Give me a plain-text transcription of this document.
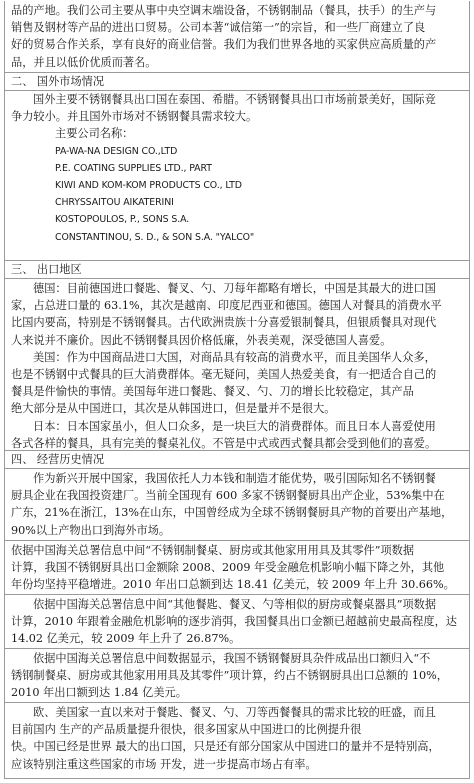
品的产地。我们公司主要从事中央空调末端设备，不锈钢制品（餐具，扶手）的生产与
销售及钢材等产品的进出口贸易。公司本著“诚信第一”的宗旨，和一些厂商建立了良
好的贸易合作关系，享有良好的商业信誉。我们为我们世界各地的买家供应高质量的产
品，并且以低价优质而著名。
二、 国外市场情况
国外主要不锈钢餐具出口国在泰国、希腊。不锈钢餐具出口市场前景美好，国际竞
争力较小。并且国外市场对不锈钢餐具需求较大。
主要公司名称：
PA-WA-NA DESIGN CO.,LTD
P.E. COATING SUPPLIES LTD., PART
KIWI AND KOM-KOM PRODUCTS CO., LTD
CHRYSSAITOU AIKATERINI
KOSTOPOULOS, P., SONS S.A.
CONSTANTINOU, S. D., & SON S.A. "YALCO"
三、 出口地区
德国：目前德国进口餐匙、餐叉、勺、刀每年都略有增长，中国是其最大的进口国
家，占总进口量的 63.1%，其次是越南、印度尼西亚和德国。德国人对餐具的消费水平
比国内要高，特别是不锈钢餐具。古代欧洲贵族十分喜爱银制餐具，但银质餐具对现代
人来说并不廉价。因此不锈钢餐具因价格低廉，外表美观，深受德国人喜爱。
美国：作为中国商品进口大国，对商品具有较高的消费水平，而且美国华人众多，
也是不锈钢中式餐具的巨大消费群体。毫无疑问，美国人热爱美食，有一把适合自己的
餐具是件愉快的事情。美国每年进口餐匙、餐叉、勺、刀的增长比较稳定，其产品
绝大部分是从中国进口，其次是从韩国进口，但是量并不是很大。
日本：日本国家虽小，但人口众多，是一块巨大的消费群体。而且日本人喜爱使用
各式各样的餐具，具有完美的餐桌礼仪。不管是中式或西式餐具都会受到他们的喜爱。
四、 经营历史情况
作为新兴开展中国家，我国依托人力本钱和制造才能优势，吸引国际知名不锈钢餐
厨具企业在我国投资建厂。当前全国现有 600 多家不锈钢餐厨具出产企业，53%集中在
广东，21%在浙江，13%在山东，中国曾经成为全球不锈钢餐厨具产物的首要出产基地，
90%以上产物出口到海外市场。
依据中国海关总署信息中间“不锈钢制餐桌、厨房或其他家用用具及其零件”项数据
计算，我国不锈钢厨具出口金额除 2008、2009 年受金融危机影响小幅下降之外，其他
年份均坚持平稳增进。2010 年出口总额到达 18.41 亿美元，较 2009 年上升 30.66%。
依据中国海关总署信息中间“其他餐匙、餐叉、勺等相似的厨房或餐桌器具”项数据
计算，2010 年跟着金融危机影响的逐步消弭，我国餐具出口金额已超越前史最高程度，达
14.02 亿美元，较 2009 年上升了 26.87%。
依据中国海关总署信息中间数据显示，我国不锈钢餐厨具杂件成品出口额归入“不
锈钢制餐桌、厨房或其他家用用具及其零件”项计算，约占不锈钢厨具出口总额的 10%，
2010 年出口额到达 1.84 亿美元。
欧、美国家一直以来对于餐匙、餐叉、勺、刀等西餐餐具的需求比较的旺盛，而且
目前国内 生产的产品质量提升很快，很多国家从中国进口的比例提升很
快。中国已经是世界 最大的出口国，只是还有部分国家从中国进口的量并不是特别高，
应该特别注重这些国家的市场 开发，进一步提高市场占有率。
